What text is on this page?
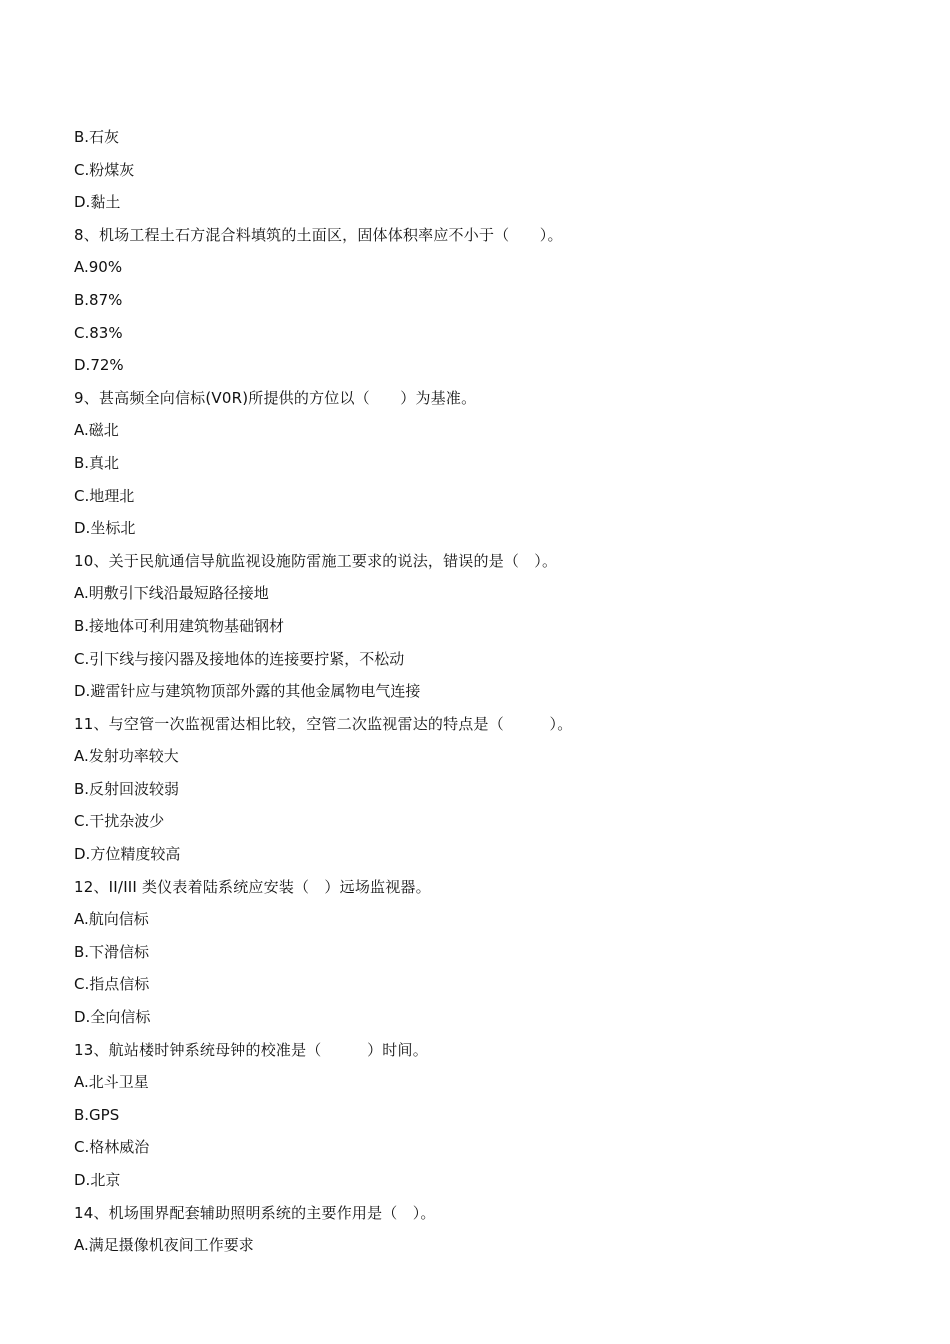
B.石灰
C.粉煤灰
D.黏土
8、机场工程土石方混合料填筑的土面区，固体体积率应不小于（　　）。
A.90%
B.87%
C.83%
D.72%
9、甚高频全向信标(V0R)所提供的方位以（　　）为基准。
A.磁北
B.真北
C.地理北
D.坐标北
10、关于民航通信导航监视设施防雷施工要求的说法，错误的是（　）。
A.明敷引下线沿最短路径接地
B.接地体可利用建筑物基础钢材
C.引下线与接闪器及接地体的连接要拧紧，不松动
D.避雷针应与建筑物顶部外露的其他金属物电气连接
11、与空管一次监视雷达相比较，空管二次监视雷达的特点是（　　　）。
A.发射功率较大
B.反射回波较弱
C.干扰杂波少
D.方位精度较高
12、II/III 类仪表着陆系统应安装（　）远场监视器。
A.航向信标
B.下滑信标
C.指点信标
D.全向信标
13、航站楼时钟系统母钟的校准是（　　　）时间。
A.北斗卫星
B.GPS
C.格林威治
D.北京
14、机场围界配套辅助照明系统的主要作用是（　）。
A.满足摄像机夜间工作要求
